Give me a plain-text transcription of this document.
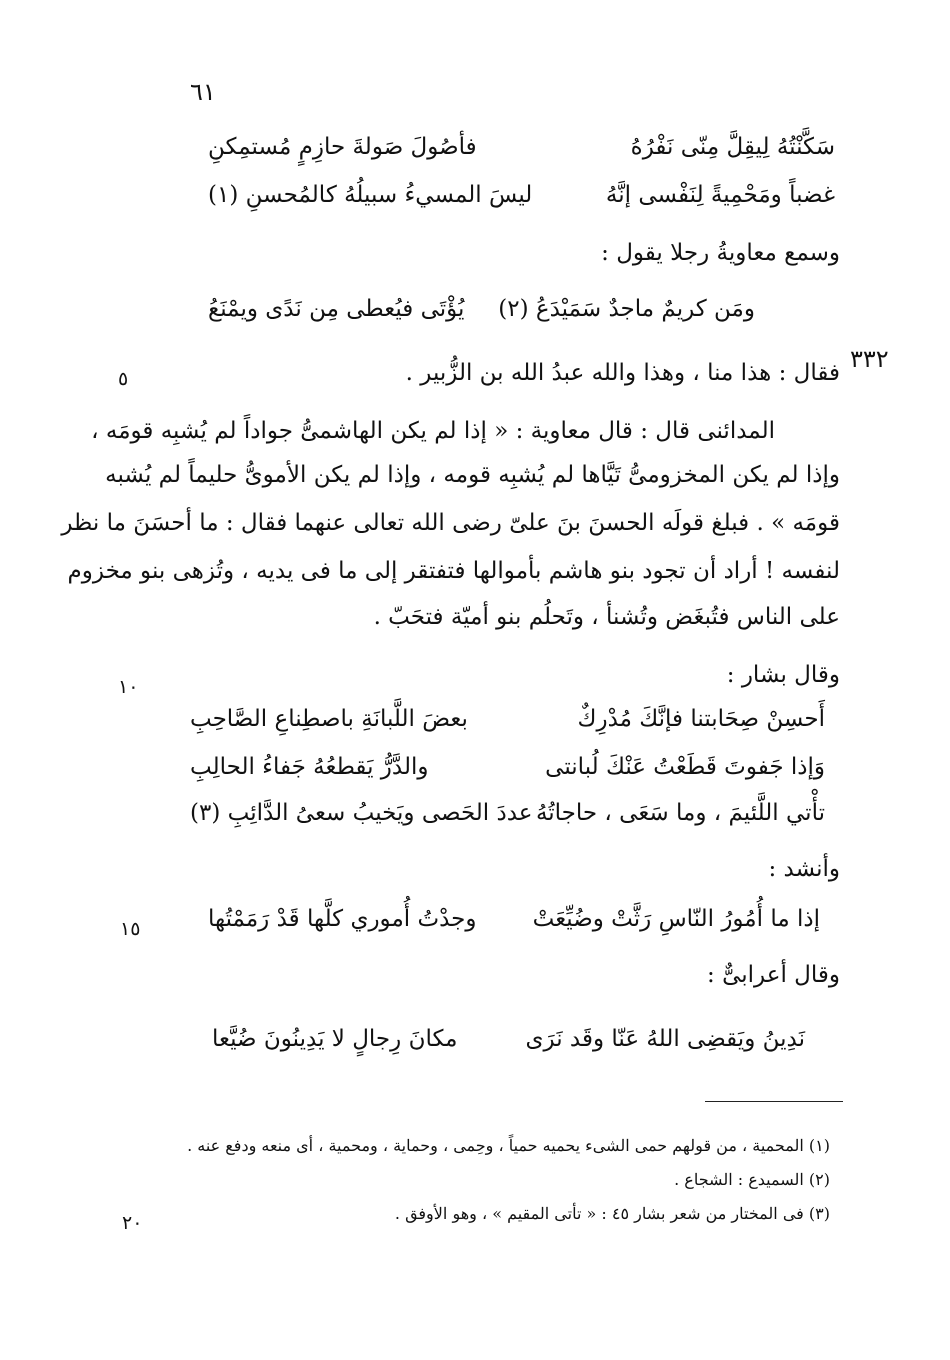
٦١
سَكَّنْتُهُ لِيقِلَّ مِنّى نَفْرُهُ
فأصُولَ صَولةَ حازِمٍ مُستمِكنِ
غضباً ومَحْمِيةً لِنَفْسى إنَّهُ
ليسَ المسيءُ سبيلُهُ كالمُحسنِ (١)
وسمع معاويةُ رجلا يقول :
ومَن كريمٌ ماجدٌ سَمَيْدَعُ (٢)
يُؤْتَى فيُعطى مِن نَدًى ويمْنَعُ
٣٣٢
فقال : هذا منا ، وهذا والله عبدُ الله بن الزُّبير .
٥
المدائنى قال : قال معاوية : « إذا لم يكن الهاشمىُّ جواداً لم يُشبِه قومَه ،
وإذا لم يكن المخزومىُّ تَيَّاها لم يُشبِه قومه ، وإذا لم يكن الأموىُّ حليماً لم يُشبه
قومَه » . فبلغ قولَه الحسنَ بنَ علىّ رضى الله تعالى عنهما فقال : ما أحسَنَ ما نظر
لنفسه ! أراد أن تجود بنو هاشم بأموالها فتفتقر إلى ما فى يديه ، وتُزهى بنو مخزوم
على الناس فتُبغَض وتُشنأ ، وتَحلُم بنو أميّة فتحَبّ .
وقال بشار :
١٠
أَحسِنْ صِحَابتنا فإنَّكَ مُدْرِكٌ
بعضَ اللَّبانَةِ باصطِناعِ الصَّاحِبِ
وَإذا جَفوتَ قَطَعْتُ عَنْكَ لُبانتى
والدَّرُّ يَقطعُهُ جَفاءُ الحالِبِ
تأْتي اللَّئيمَ ، وما سَعَى ، حاجاتُهُ
عددَ الحَصى ويَخيبُ سعىُ الدَّائِبِ (٣)
وأنشد :
إذا ما أُمُورُ النّاسِ رَثَّتْ وضُيِّعَتْ
وجدْتُ أُموري كلَّها قَدْ رَمَمْتُها
١٥
وقال أعرابىٌّ :
نَدِينُ ويَقضِى اللهُ عَنّا وقَد نَرَى
مكانَ رِجالٍ لا يَدِينُونَ ضُيَّعا
(١) المحمية ، من قولهم حمى الشىء يحميه حمياً ، وحِمى ، وحماية ، ومحمية ، أى منعه ودفع عنه .
(٢) السميدع : الشجاع .
(٣) فى المختار من شعر بشار ٤٥ : « تأتى المقيم » ، وهو الأوفق .
٢٠
